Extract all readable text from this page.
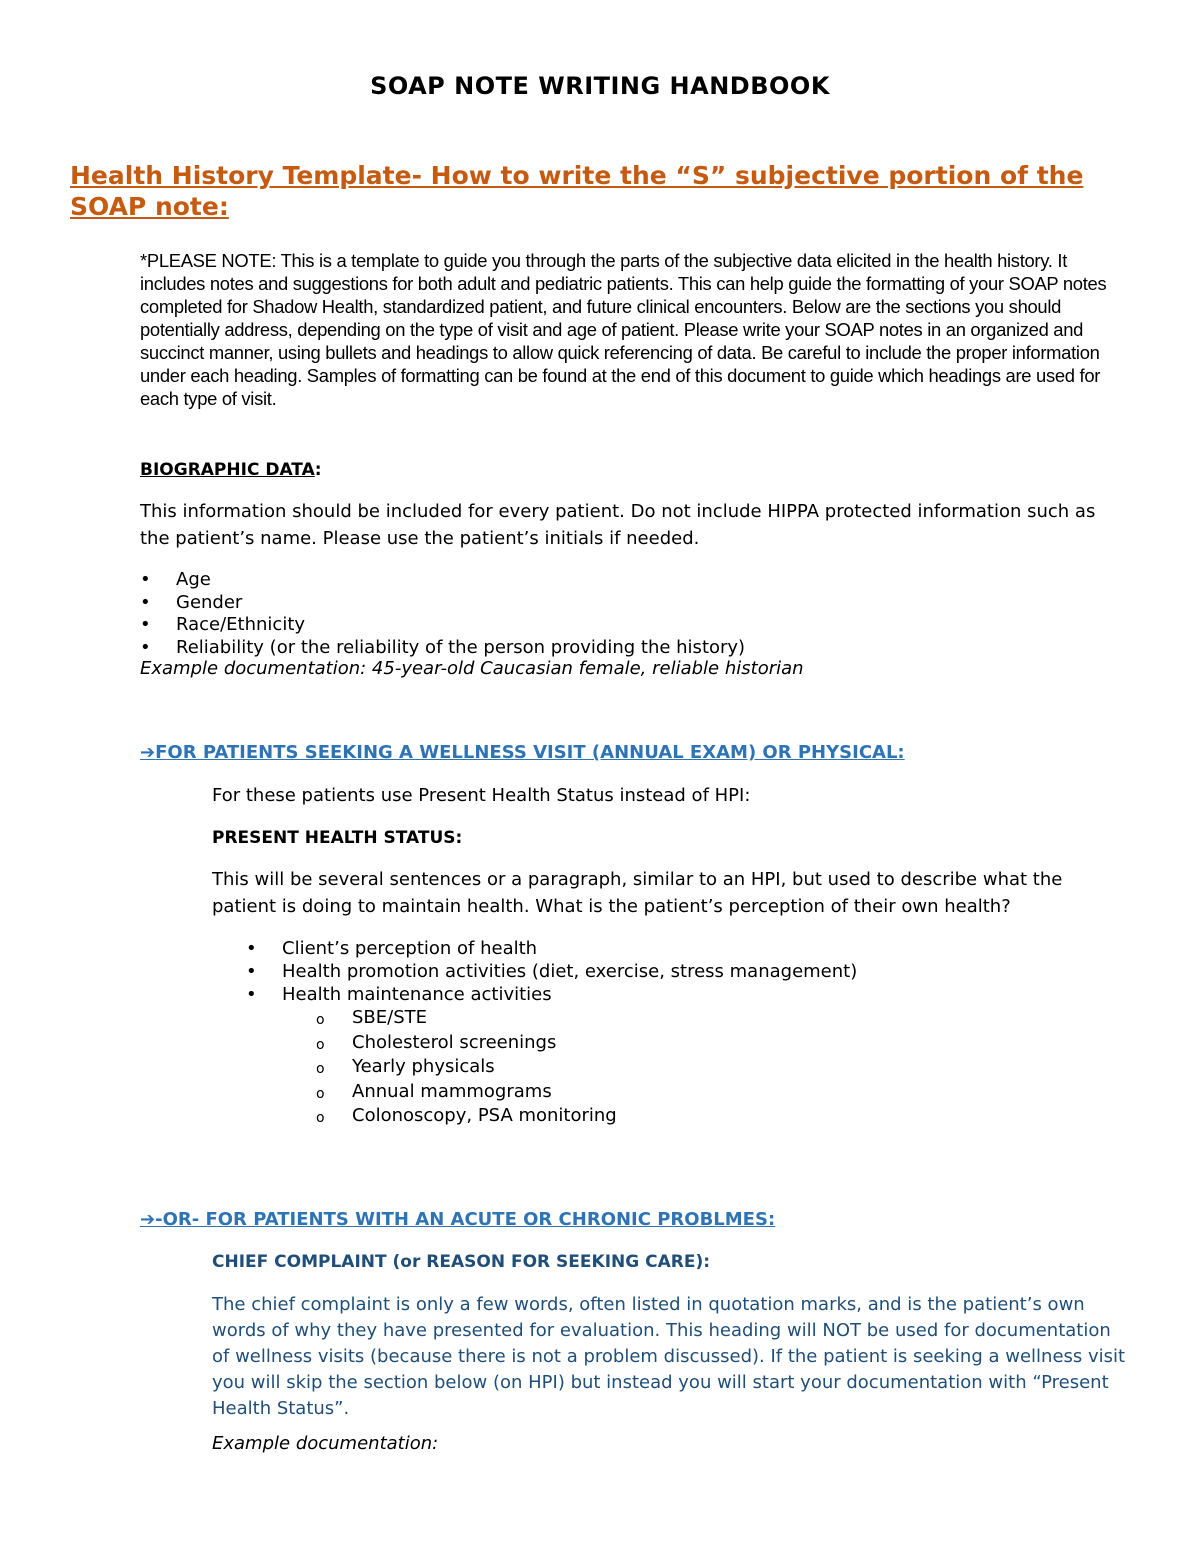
SOAP NOTE WRITING HANDBOOK
Health History Template- How to write the “S” subjective portion of the SOAP note:
*PLEASE NOTE: This is a template to guide you through the parts of the subjective data elicited in the health history. It includes notes and suggestions for both adult and pediatric patients. This can help guide the formatting of your SOAP notes completed for Shadow Health, standardized patient, and future clinical encounters. Below are the sections you should potentially address, depending on the type of visit and age of patient. Please write your SOAP notes in an organized and succinct manner, using bullets and headings to allow quick referencing of data. Be careful to include the proper information under each heading. Samples of formatting can be found at the end of this document to guide which headings are used for each type of visit.
BIOGRAPHIC DATA:
This information should be included for every patient. Do not include HIPPA protected information such as the patient’s name. Please use the patient’s initials if needed.
• Age
• Gender
• Race/Ethnicity
• Reliability (or the reliability of the person providing the history)
Example documentation: 45-year-old Caucasian female, reliable historian
➔FOR PATIENTS SEEKING A WELLNESS VISIT (ANNUAL EXAM) OR PHYSICAL:
For these patients use Present Health Status instead of HPI:
PRESENT HEALTH STATUS:
This will be several sentences or a paragraph, similar to an HPI, but used to describe what the patient is doing to maintain health. What is the patient’s perception of their own health?
• Client’s perception of health
• Health promotion activities (diet, exercise, stress management)
• Health maintenance activities
o SBE/STE
o Cholesterol screenings
o Yearly physicals
o Annual mammograms
o Colonoscopy, PSA monitoring
➔-OR- FOR PATIENTS WITH AN ACUTE OR CHRONIC PROBLMES:
CHIEF COMPLAINT (or REASON FOR SEEKING CARE):
The chief complaint is only a few words, often listed in quotation marks, and is the patient’s own words of why they have presented for evaluation. This heading will NOT be used for documentation of wellness visits (because there is not a problem discussed). If the patient is seeking a wellness visit you will skip the section below (on HPI) but instead you will start your documentation with “Present Health Status”.
Example documentation:
